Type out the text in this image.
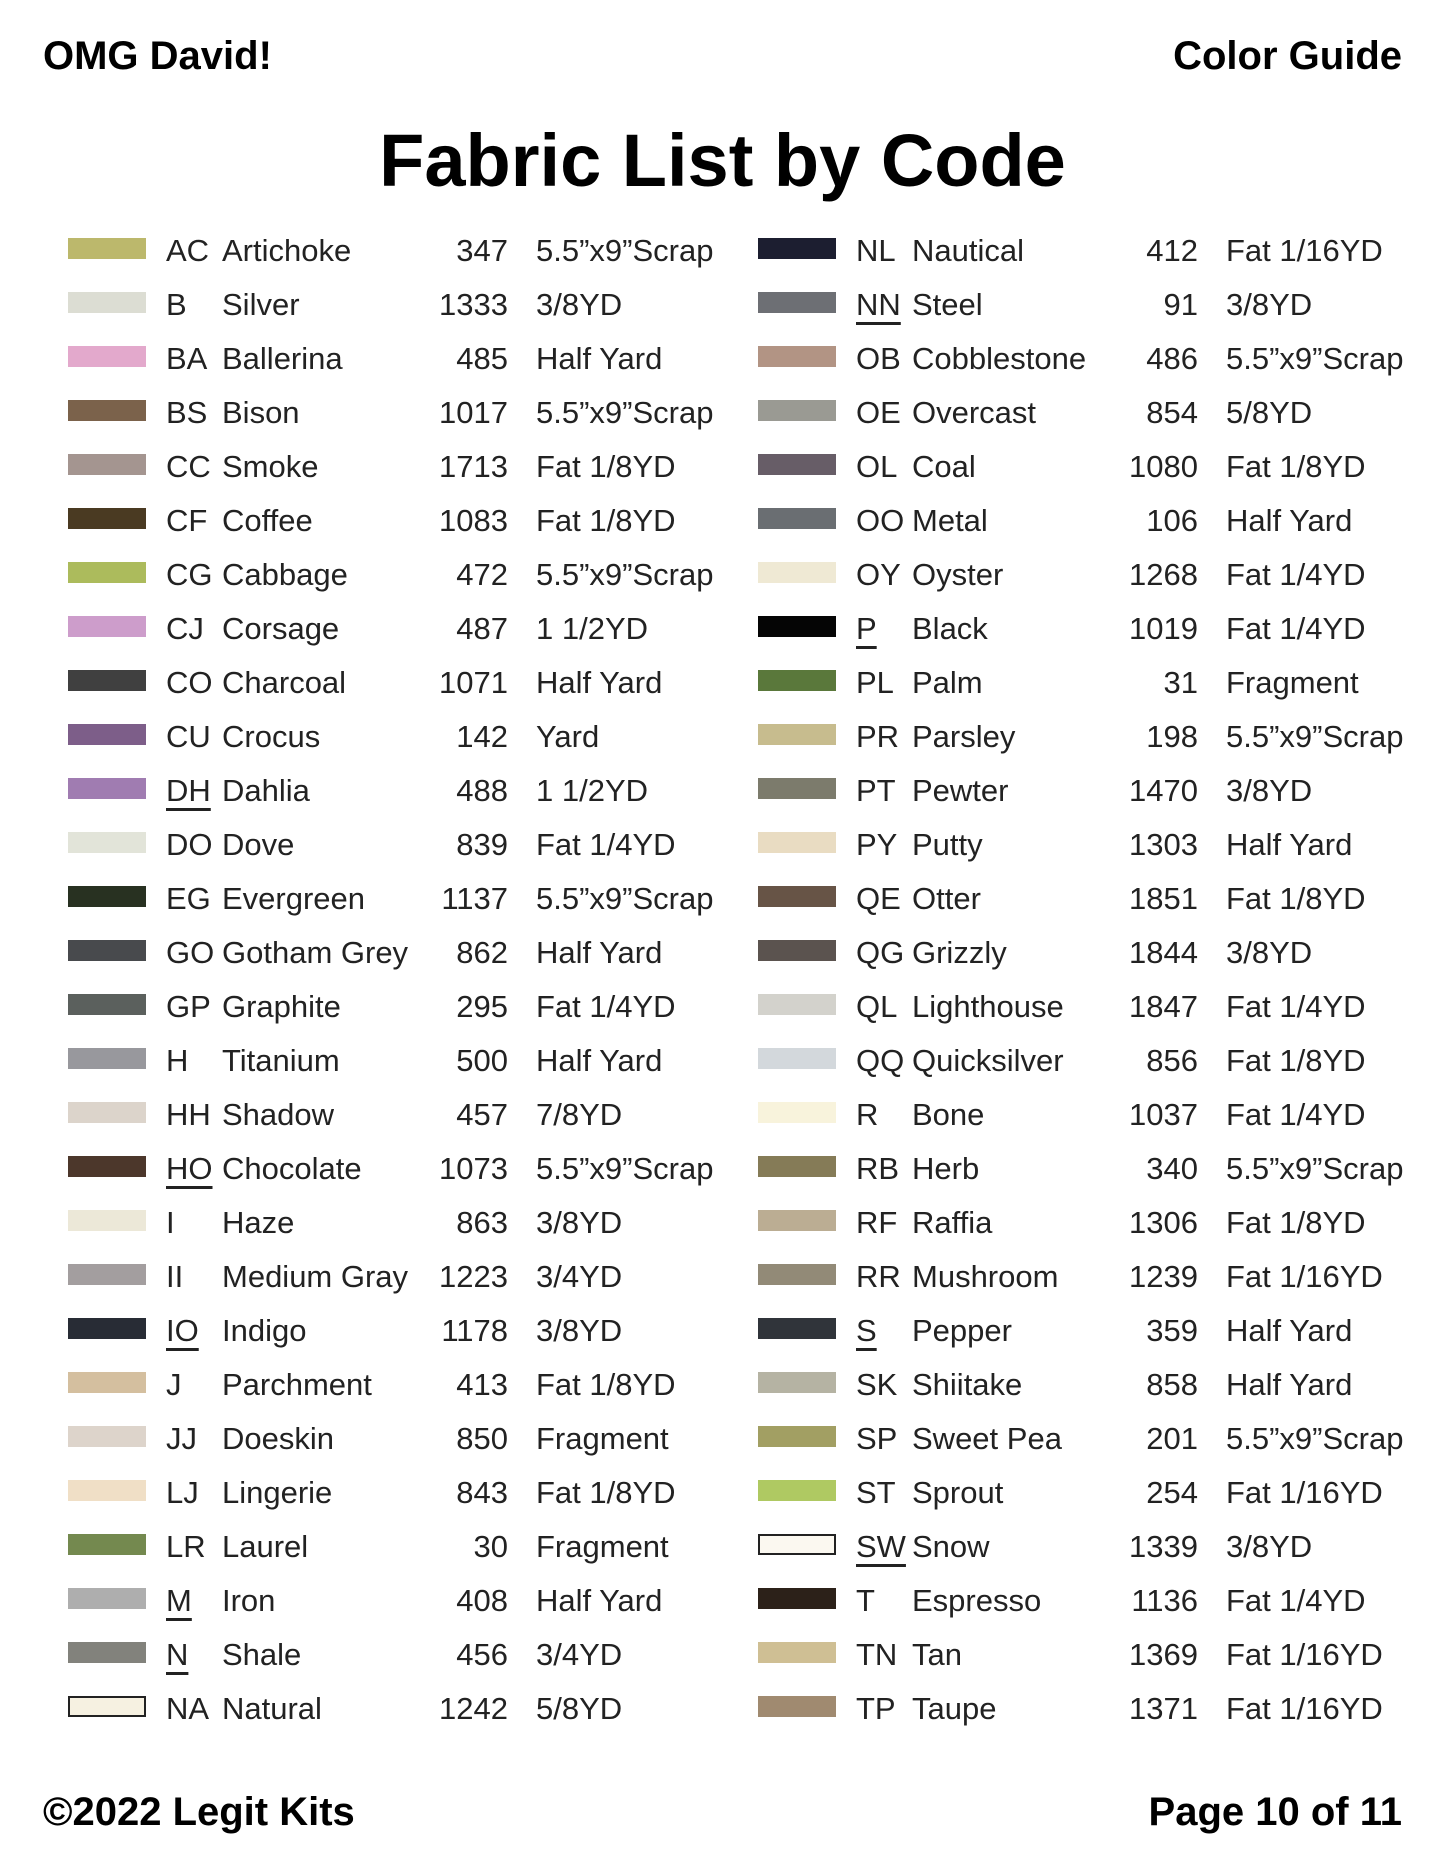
OMG David!	Color Guide
Fabric List by Code
AC Artichoke	347 5.5”x9”Scrap
B Silver	1333 3/8YD
BA Ballerina	485 Half Yard
BS Bison	1017 5.5”x9”Scrap
CC Smoke	1713 Fat 1/8YD
CF Coffee	1083 Fat 1/8YD
CG Cabbage	472 5.5”x9”Scrap
CJ Corsage	487 1 1/2YD
CO Charcoal	1071 Half Yard
CU Crocus	142 Yard
DH Dahlia	488 1 1/2YD
DO Dove	839 Fat 1/4YD
EG Evergreen 1137 5.5”x9”Scrap
GO Gotham Grey	862 Half Yard
GP Graphite	295 Fat 1/4YD
H Titanium	500 Half Yard
HH Shadow	457 7/8YD
HO Chocolate 1073 5.5”x9”Scrap
I Haze	863 3/8YD
II Medium Gray 1223 3/4YD
IO Indigo	1178 3/8YD
J Parchment	413 Fat 1/8YD
JJ Doeskin	850 Fragment
LJ Lingerie	843 Fat 1/8YD
LR Laurel	30 Fragment
M Iron	408 Half Yard
N Shale	456 3/4YD
NA Natural	1242 5/8YD
NL Nautical	412 Fat 1/16YD
NN Steel	91 3/8YD
OB Cobblestone	486 5.5”x9”Scrap
OE Overcast	854 5/8YD
OL Coal	1080 Fat 1/8YD
OO Metal	106 Half Yard
OY Oyster	1268 Fat 1/4YD
P Black	1019 Fat 1/4YD
PL Palm	31 Fragment
PR Parsley	198 5.5”x9”Scrap
PT Pewter	1470 3/8YD
PY Putty	1303 Half Yard
QE Otter	1851 Fat 1/8YD
QG Grizzly	1844 3/8YD
QL Lighthouse 1847 Fat 1/4YD
QQ Quicksilver	856 Fat 1/8YD
R Bone	1037 Fat 1/4YD
RB Herb	340 5.5”x9”Scrap
RF Raffia	1306 Fat 1/8YD
RR Mushroom 1239 Fat 1/16YD
S Pepper	359 Half Yard
SK Shiitake	858 Half Yard
SP Sweet Pea	201 5.5”x9”Scrap
ST Sprout	254 Fat 1/16YD
SW Snow	1339 3/8YD
T Espresso	1136 Fat 1/4YD
TN Tan	1369 Fat 1/16YD
TP Taupe	1371 Fat 1/16YD
©2022 Legit Kits	Page 10 of 11
